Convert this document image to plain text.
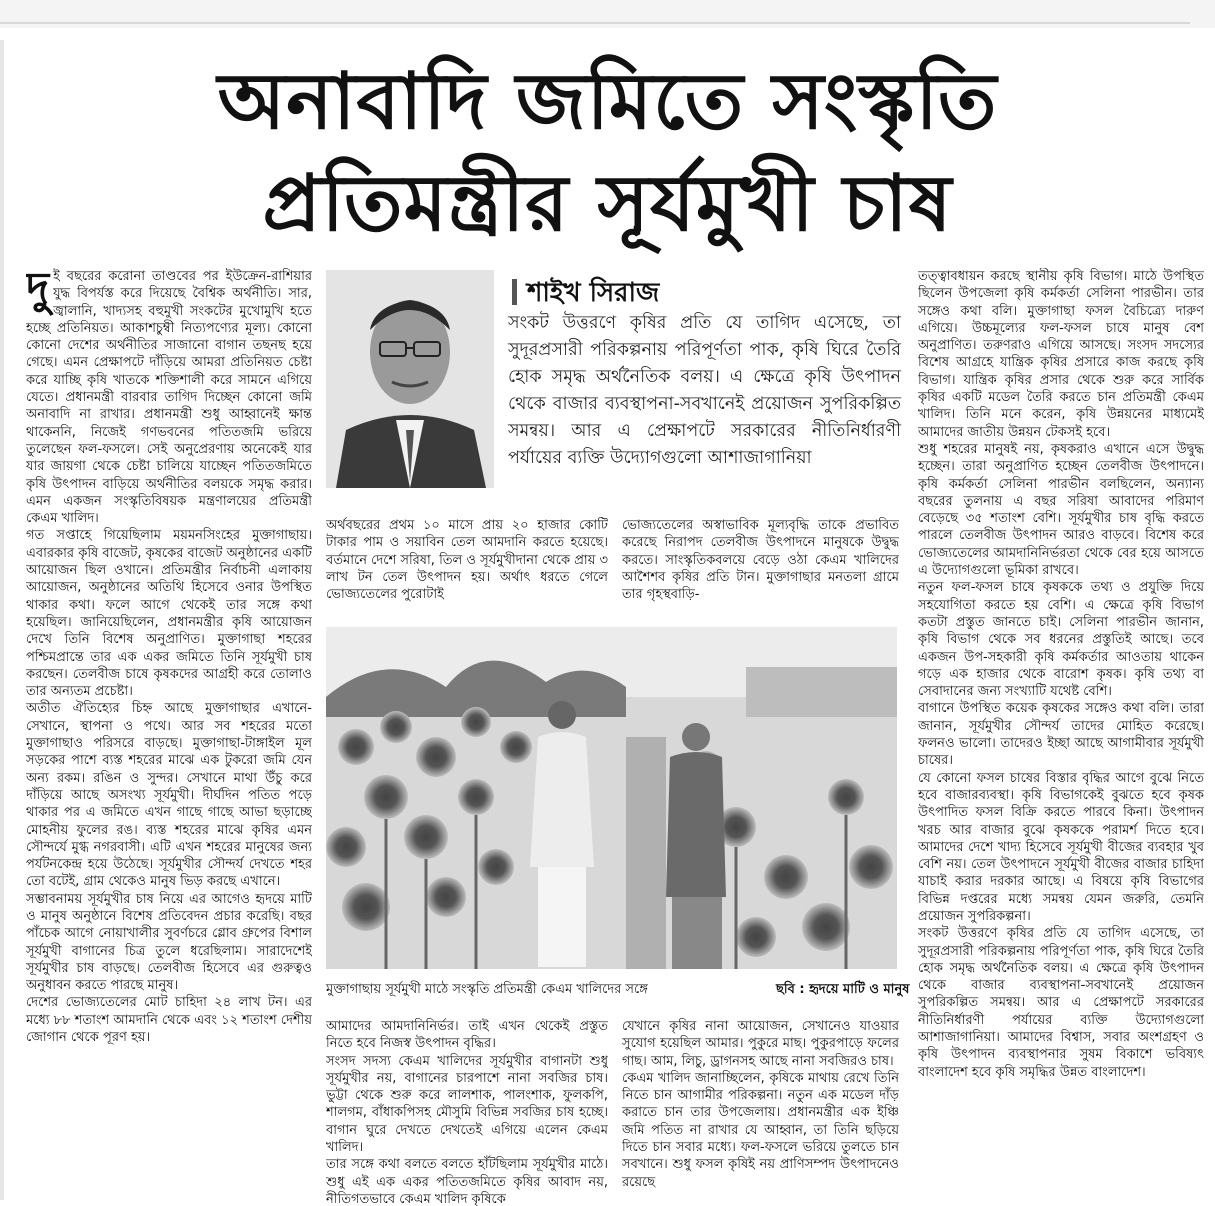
অনাবাদি জমিতে সংস্কৃতি
প্রতিমন্ত্রীর সূর্যমুখী চাষ

দুই বছরের করোনা তাণ্ডবের পর ইউক্রেন-রাশিয়ার যুদ্ধ বিপর্যস্ত করে দিয়েছে বৈশ্বিক অর্থনীতি। সার, জ্বালানি, খাদ্যসহ বহুমুখী সংকটের মুখোমুখি হতে হচ্ছে প্রতিনিয়ত। আকাশচুম্বী নিত্যপণ্যের মূল্য। কোনো কোনো দেশের অর্থনীতির সাজানো বাগান তছনছ হয়ে গেছে। এমন প্রেক্ষাপটে দাঁড়িয়ে আমরা প্রতিনিয়ত চেষ্টা করে যাচ্ছি কৃষি খাতকে শক্তিশালী করে সামনে এগিয়ে যেতে। প্রধানমন্ত্রী বারবার তাগিদ দিচ্ছেন কোনো জমি অনাবাদি না রাখার। প্রধানমন্ত্রী শুধু আহ্বানেই ক্ষান্ত থাকেননি, নিজেই গণভবনের পতিতজমি ভরিয়ে তুলেছেন ফল-ফসলে। সেই অনুপ্রেরণায় অনেকেই যার যার জায়গা থেকে চেষ্টা চালিয়ে যাচ্ছেন পতিতজমিতে কৃষি উৎপাদন বাড়িয়ে অর্থনীতির বলয়কে সমৃদ্ধ করার। এমন একজন সংস্কৃতিবিষয়ক মন্ত্রণালয়ের প্রতিমন্ত্রী কেএম খালিদ।

গত সপ্তাহে গিয়েছিলাম ময়মনসিংহের মুক্তাগাছায়। এবারকার কৃষি বাজেট, কৃষকের বাজেট অনুষ্ঠানের একটি আয়োজন ছিল ওখানে। প্রতিমন্ত্রীর নির্বাচনী এলাকায় আয়োজন, অনুষ্ঠানের অতিথি হিসেবে ওনার উপস্থিত থাকার কথা। ফলে আগে থেকেই তার সঙ্গে কথা হয়েছিল। জানিয়েছিলেন, প্রধানমন্ত্রীর কৃষি আয়োজন দেখে তিনি বিশেষ অনুপ্রাণিত। মুক্তাগাছা শহরের পশ্চিমপ্রান্তে তার এক একর জমিতে তিনি সূর্যমুখী চাষ করছেন। তেলবীজ চাষে কৃষকদের আগ্রহী করে তোলাও তার অন্যতম প্রচেষ্টা।

অতীত ঐতিহ্যের চিহ্ন আছে মুক্তাগাছার এখানে-সেখানে, স্থাপনা ও পথে। আর সব শহরের মতো মুক্তাগাছাও পরিসরে বাড়ছে। মুক্তাগাছা-টাঙ্গাইল মূল সড়কের পাশে ব্যস্ত শহরের মাঝে এক টুকরো জমি যেন অন্য রকম। রঙিন ও সুন্দর। সেখানে মাথা উঁচু করে দাঁড়িয়ে আছে অসংখ্য সূর্যমুখী। দীর্ঘদিন পতিত পড়ে থাকার পর এ জমিতে এখন গাছে গাছে আভা ছড়াচ্ছে মোহনীয় ফুলের রঙ। ব্যস্ত শহরের মাঝে কৃষির এমন সৌন্দর্যে মুগ্ধ নগরবাসী। এটি এখন শহরের মানুষের জন্য পর্যটনকেন্দ্র হয়ে উঠেছে। সূর্যমুখীর সৌন্দর্য দেখতে শহর তো বটেই, গ্রাম থেকেও মানুষ ভিড় করছে এখানে।

সম্ভাবনাময় সূর্যমুখীর চাষ নিয়ে এর আগেও হৃদয়ে মাটি ও মানুষ অনুষ্ঠানে বিশেষ প্রতিবেদন প্রচার করেছি। বছর পাঁচেক আগে নোয়াখালীর সুবর্ণচরে গ্লোব গ্রুপের বিশাল সূর্যমুখী বাগানের চিত্র তুলে ধরেছিলাম। সারাদেশেই সূর্যমুখীর চাষ বাড়ছে। তেলবীজ হিসেবে এর গুরুত্বও অনুধাবন করতে পারছে মানুষ।

দেশের ভোজ্যতেলের মোট চাহিদা ২৪ লাখ টন। এর মধ্যে ৮৮ শতাংশ আমদানি থেকে এবং ১২ শতাংশ দেশীয় জোগান থেকে পূরণ হয়।

শাইখ সিরাজ
সংকট উত্তরণে কৃষির প্রতি যে তাগিদ এসেছে, তা সুদূরপ্রসারী পরিকল্পনায় পরিপূর্ণতা পাক, কৃষি ঘিরে তৈরি হোক সমৃদ্ধ অর্থনৈতিক বলয়। এ ক্ষেত্রে কৃষি উৎপাদন থেকে বাজার ব্যবস্থাপনা-সবখানেই প্রয়োজন সুপরিকল্পিত সমন্বয়। আর এ প্রেক্ষাপটে সরকারের নীতিনির্ধারণী পর্যায়ের ব্যক্তি উদ্যোগগুলো আশাজাগানিয়া
অর্থবছরের প্রথম ১০ মাসে প্রায় ২০ হাজার কোটি টাকার পাম ও সয়াবিন তেল আমদানি করতে হয়েছে। বর্তমানে দেশে সরিষা, তিল ও সূর্যমুখীদানা থেকে প্রায় ৩ লাখ টন তেল উৎপাদন হয়। অর্থাৎ ধরতে গেলে ভোজ্যতেলের পুরোটাই
ভোজ্যতেলের অস্বাভাবিক মূল্যবৃদ্ধি তাকে প্রভাবিত করেছে নিরাপদ তেলবীজ উৎপাদনে মানুষকে উদ্বুদ্ধ করতে। সাংস্কৃতিকবলয়ে বেড়ে ওঠা কেএম খালিদের আশৈশব কৃষির প্রতি টান। মুক্তাগাছার মনতলা গ্রামে তার গৃহস্থবাড়ি-
মুক্তাগাছায় সূর্যমুখী মাঠে সংস্কৃতি প্রতিমন্ত্রী কেএম খালিদের সঙ্গে	ছবি : হৃদয়ে মাটি ও মানুষ
আমাদের আমদানিনির্ভর। তাই এখন থেকেই প্রস্তুত নিতে হবে নিজস্ব উৎপাদন বৃদ্ধির।
সংসদ সদস্য কেএম খালিদের সূর্যমুখীর বাগানটা শুধু সূর্যমুখীর নয়, বাগানের চারপাশে নানা সবজির চাষ। ভুট্টা থেকে শুরু করে লালশাক, পালংশাক, ফুলকপি, শালগম, বাঁধাকপিসহ মৌসুমি বিভিন্ন সবজির চাষ হচ্ছে। বাগান ঘুরে দেখতে দেখতেই এগিয়ে এলেন কেএম খালিদ।
তার সঙ্গে কথা বলতে বলতে হাঁটছিলাম সূর্যমুখীর মাঠে। শুধু এই এক একর পতিতজমিতে কৃষির আবাদ নয়, নীতিগতভাবে কেএম খালিদ কৃষিকে
যেখানে কৃষির নানা আয়োজন, সেখানেও যাওয়ার সুযোগ হয়েছিল আমার। পুকুরে মাছ। পুকুরপাড়ে ফলের গাছ। আম, লিচু, ড্রাগনসহ আছে নানা সবজিরও চাষ।
কেএম খালিদ জানাচ্ছিলেন, কৃষিকে মাথায় রেখে তিনি নিতে চান আগামীর পরিকল্পনা। নতুন এক মডেল দাঁড় করাতে চান তার উপজেলায়। প্রধানমন্ত্রীর এক ইঞ্চি জমি পতিত না রাখার যে আহ্বান, তা তিনি ছড়িয়ে দিতে চান সবার মধ্যে। ফল-ফসলে ভরিয়ে তুলতে চান সবখানে। শুধু ফসল কৃষিই নয় প্রাণিসম্পদ উৎপাদনেও রয়েছে

তত্ত্বাবধায়ন করছে স্থানীয় কৃষি বিভাগ। মাঠে উপস্থিত ছিলেন উপজেলা কৃষি কর্মকর্তা সেলিনা পারভীন। তার সঙ্গেও কথা বলি। মুক্তাগাছা ফসল বৈচিত্র্যে দারুণ এগিয়ে। উচ্চমূল্যের ফল-ফসল চাষে মানুষ বেশ অনুপ্রাণিত। তরুণরাও এগিয়ে আসছে। সংসদ সদস্যের বিশেষ আগ্রহে যান্ত্রিক কৃষির প্রসারে কাজ করছে কৃষি বিভাগ। যান্ত্রিক কৃষির প্রসার থেকে শুরু করে সার্বিক কৃষির একটি মডেল তৈরি করতে চান প্রতিমন্ত্রী কেএম খালিদ। তিনি মনে করেন, কৃষি উন্নয়নের মাধ্যমেই আমাদের জাতীয় উন্নয়ন টেকসই হবে।

শুধু শহরের মানুষই নয়, কৃষকরাও এখানে এসে উদ্বুদ্ধ হচ্ছেন। তারা অনুপ্রাণিত হচ্ছেন তেলবীজ উৎপাদনে। কৃষি কর্মকর্তা সেলিনা পারভীন বলছিলেন, অন্যান্য বছরের তুলনায় এ বছর সরিষা আবাদের পরিমাণ বেড়েছে ৩৫ শতাংশ বেশি। সূর্যমুখীর চাষ বৃদ্ধি করতে পারলে তেলবীজ উৎপাদন আরও বাড়বে। বিশেষ করে ভোজ্যতেলের আমদানিনির্ভরতা থেকে বের হয়ে আসতে এ উদ্যোগগুলো ভূমিকা রাখবে।

নতুন ফল-ফসল চাষে কৃষককে তথ্য ও প্রযুক্তি দিয়ে সহযোগিতা করতে হয় বেশি। এ ক্ষেত্রে কৃষি বিভাগ কতটা প্রস্তুত জানতে চাই। সেলিনা পারভীন জানান, কৃষি বিভাগ থেকে সব ধরনের প্রস্তুতিই আছে। তবে একজন উপ-সহকারী কৃষি কর্মকর্তার আওতায় থাকেন গড়ে এক হাজার থেকে বারোশ কৃষক। কৃষি তথ্য বা সেবাদানের জন্য সংখ্যাটি যথেষ্ট বেশি।

বাগানে উপস্থিত কয়েক কৃষকের সঙ্গেও কথা বলি। তারা জানান, সূর্যমুখীর সৌন্দর্য তাদের মোহিত করেছে। ফলনও ভালো। তাদেরও ইচ্ছা আছে আগামীবার সূর্যমুখী চাষের।

যে কোনো ফসল চাষের বিস্তার বৃদ্ধির আগে বুঝে নিতে হবে বাজারব্যবস্থা। কৃষি বিভাগকেই বুঝতে হবে কৃষক উৎপাদিত ফসল বিক্রি করতে পারবে কিনা। উৎপাদন খরচ আর বাজার বুঝে কৃষককে পরামর্শ দিতে হবে। আমাদের দেশে খাদ্য হিসেবে সূর্যমুখী বীজের ব্যবহার খুব বেশি নয়। তেল উৎপাদনে সূর্যমুখী বীজের বাজার চাহিদা যাচাই করার দরকার আছে। এ বিষয়ে কৃষি বিভাগের বিভিন্ন দপ্তরের মধ্যে সমন্বয় যেমন জরুরি, তেমনি প্রয়োজন সুপরিকল্পনা।

সংকট উত্তরণে কৃষির প্রতি যে তাগিদ এসেছে, তা সুদূরপ্রসারী পরিকল্পনায় পরিপূর্ণতা পাক, কৃষি ঘিরে তৈরি হোক সমৃদ্ধ অর্থনৈতিক বলয়। এ ক্ষেত্রে কৃষি উৎপাদন থেকে বাজার ব্যবস্থাপনা-সবখানেই প্রয়োজন সুপরিকল্পিত সমন্বয়। আর এ প্রেক্ষাপটে সরকারের নীতিনির্ধারণী পর্যায়ের ব্যক্তি উদ্যোগগুলো আশাজাগানিয়া। আমাদের বিশ্বাস, সবার অংশগ্রহণ ও কৃষি উৎপাদন ব্যবস্থাপনার সুষম বিকাশে ভবিষ্যৎ বাংলাদেশ হবে কৃষি সমৃদ্ধির উন্নত বাংলাদেশ।
